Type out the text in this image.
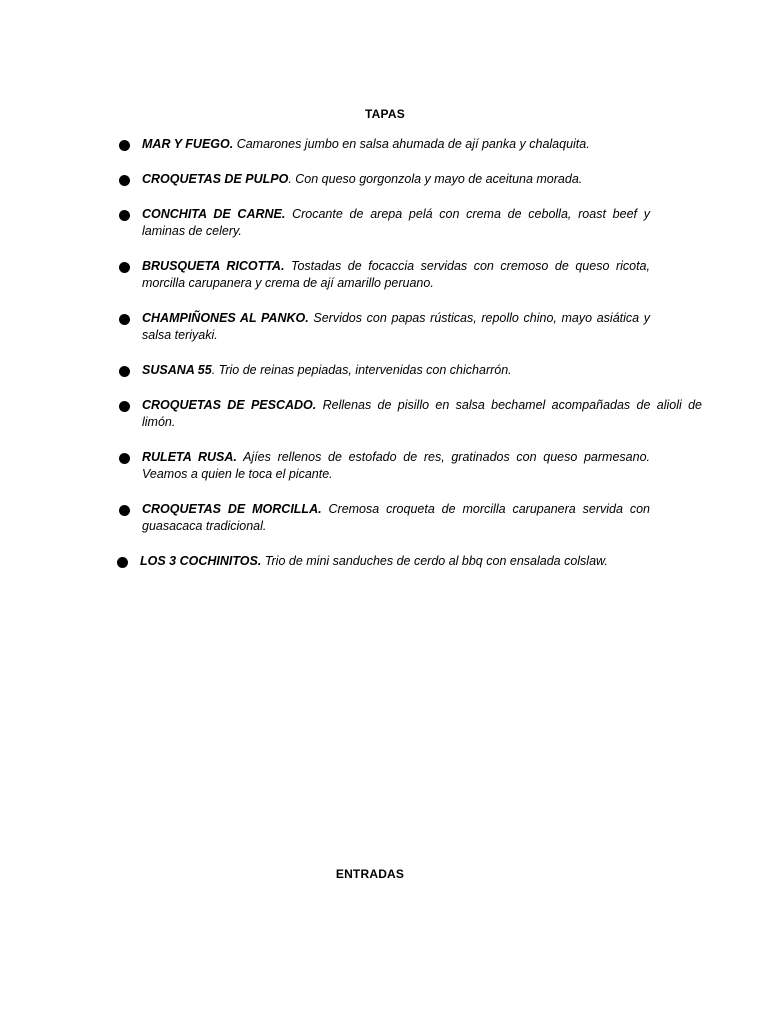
TAPAS
MAR Y FUEGO. Camarones jumbo en salsa ahumada de ají panka y chalaquita.
CROQUETAS DE PULPO. Con queso gorgonzola y mayo de aceituna morada.
CONCHITA DE CARNE. Crocante de arepa pelá con crema de cebolla, roast beef y laminas de celery.
BRUSQUETA RICOTTA. Tostadas de focaccia servidas con cremoso de queso ricota, morcilla carupanera y crema de ají amarillo peruano.
CHAMPIÑONES AL PANKO. Servidos con papas rústicas, repollo chino, mayo asiática y salsa teriyaki.
SUSANA 55. Trio de reinas pepiadas, intervenidas con chicharrón.
CROQUETAS DE PESCADO. Rellenas de pisillo en salsa bechamel acompañadas de alioli de limón.
RULETA RUSA. Ajíes rellenos de estofado de res, gratinados con queso parmesano. Veamos a quien le toca el picante.
CROQUETAS DE MORCILLA. Cremosa croqueta de morcilla carupanera servida con guasacaca tradicional.
LOS 3 COCHINITOS. Trio de mini sanduches de cerdo al bbq con ensalada colslaw.
ENTRADAS
